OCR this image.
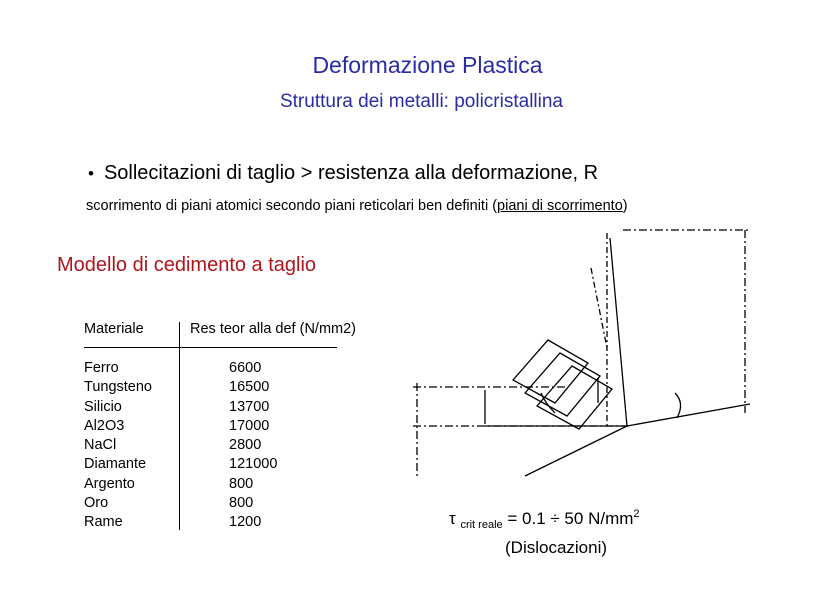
Deformazione Plastica
Struttura dei metalli: policristallina
• Sollecitazioni di taglio > resistenza alla deformazione, R
scorrimento di piani atomici secondo piani reticolari ben definiti (piani di scorrimento)
Modello di cedimento a taglio
Materiale	Res teor alla def (N/mm2)
Ferro
Tungsteno
Silicio
Al2O3
NaCl
Diamante
Argento
Oro
Rame
6600
16500
13700
17000
2800
121000
800
800
1200	τ $_{crit reale}$ = 0.1 ÷ 50 $N/mm^2$
(Dislocazioni)
